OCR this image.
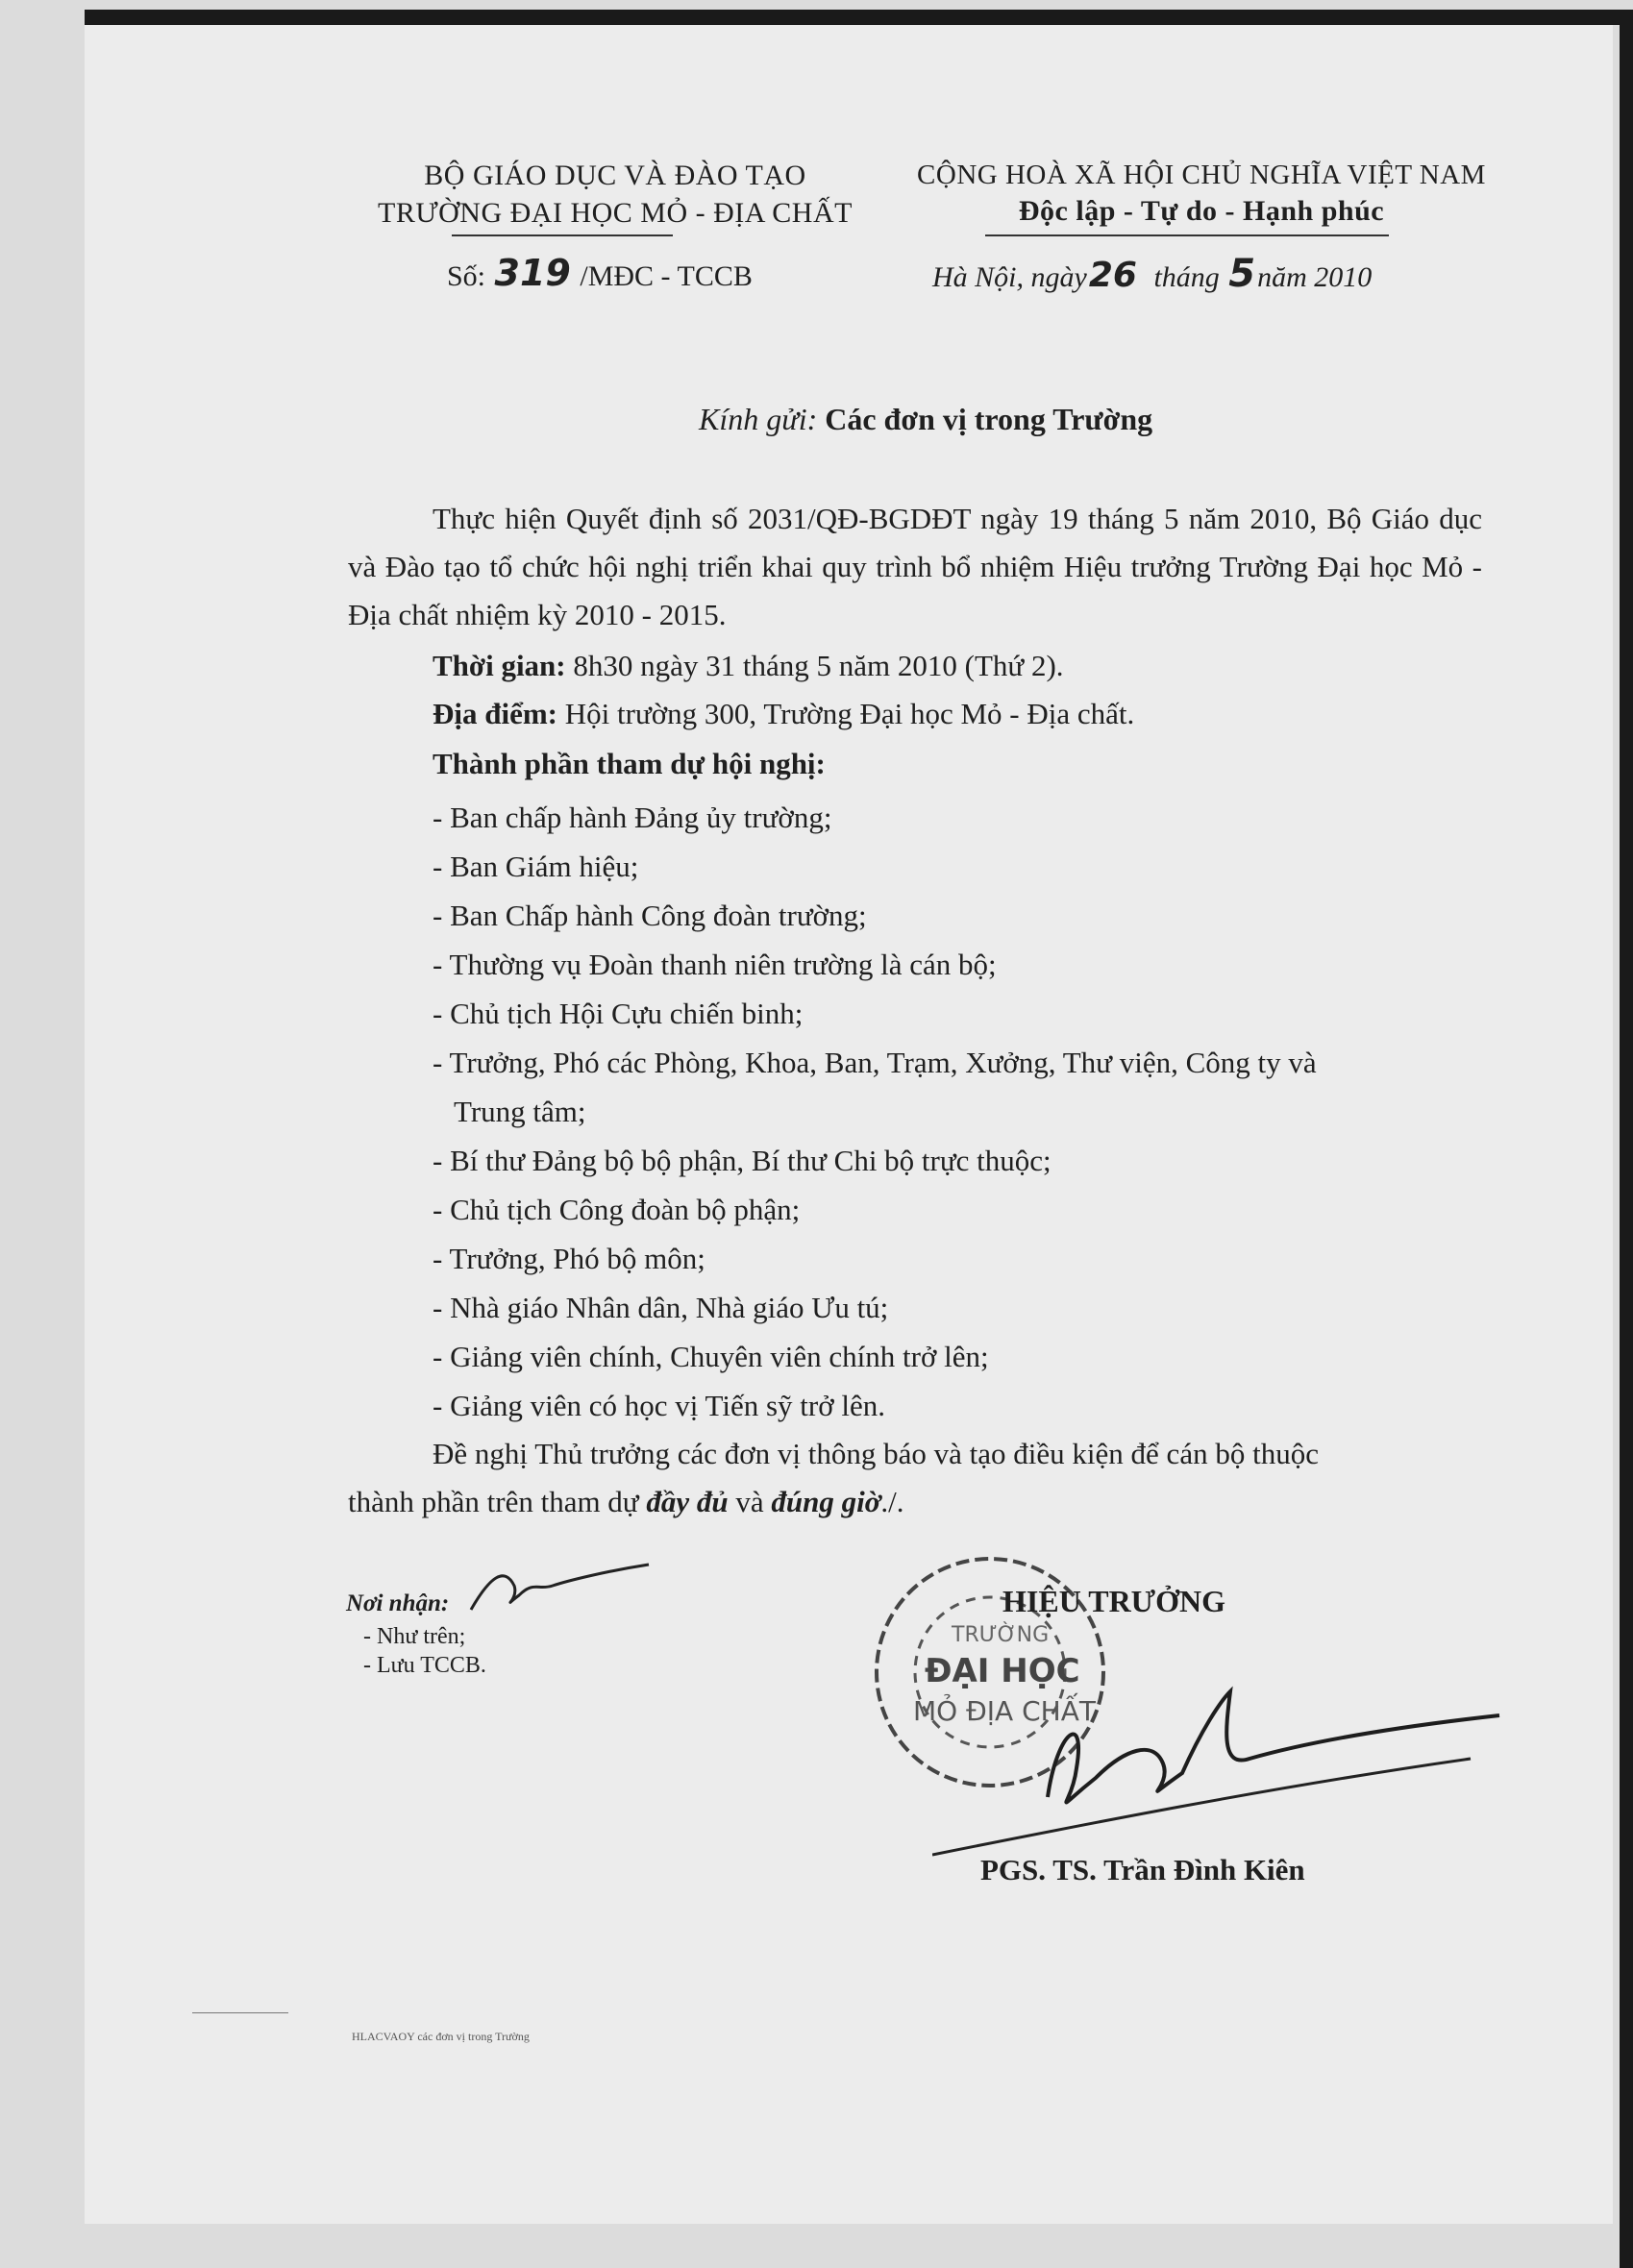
BỘ GIÁO DỤC VÀ ĐÀO TẠO
TRƯỜNG ĐẠI HỌC MỎ - ĐỊA CHẤT
Số: 319 /MĐC - TCCB
CỘNG HOÀ XÃ HỘI CHỦ NGHĨA VIỆT NAM
Độc lập - Tự do - Hạnh phúc
Hà Nội, ngày26 tháng 5năm 2010
Kính gửi: Các đơn vị trong Trường
Thực hiện Quyết định số 2031/QĐ-BGDĐT ngày 19 tháng 5 năm 2010, Bộ Giáo dục và Đào tạo tổ chức hội nghị triển khai quy trình bổ nhiệm Hiệu trưởng Trường Đại học Mỏ - Địa chất nhiệm kỳ 2010 - 2015.
Thời gian: 8h30 ngày 31 tháng 5 năm 2010 (Thứ 2).
Địa điểm: Hội trường 300, Trường Đại học Mỏ - Địa chất.
Thành phần tham dự hội nghị:
- Ban chấp hành Đảng ủy trường;
- Ban Giám hiệu;
- Ban Chấp hành Công đoàn trường;
- Thường vụ Đoàn thanh niên trường là cán bộ;
- Chủ tịch Hội Cựu chiến binh;
- Trưởng, Phó các Phòng, Khoa, Ban, Trạm, Xưởng, Thư viện, Công ty và
Trung tâm;
- Bí thư Đảng bộ bộ phận, Bí thư Chi bộ trực thuộc;
- Chủ tịch Công đoàn bộ phận;
- Trưởng, Phó bộ môn;
- Nhà giáo Nhân dân, Nhà giáo Ưu tú;
- Giảng viên chính, Chuyên viên chính trở lên;
- Giảng viên có học vị Tiến sỹ trở lên.
Đề nghị Thủ trưởng các đơn vị thông báo và tạo điều kiện để cán bộ thuộc
thành phần trên tham dự đầy đủ và đúng giờ./.
Nơi nhận:
- Như trên;
- Lưu TCCB.
TRƯỜNG
ĐẠI HỌC
MỎ ĐỊA CHẤT
HIỆU TRƯỞNG
PGS. TS. Trần Đình Kiên
HLACVAOY các đơn vị trong Trường
